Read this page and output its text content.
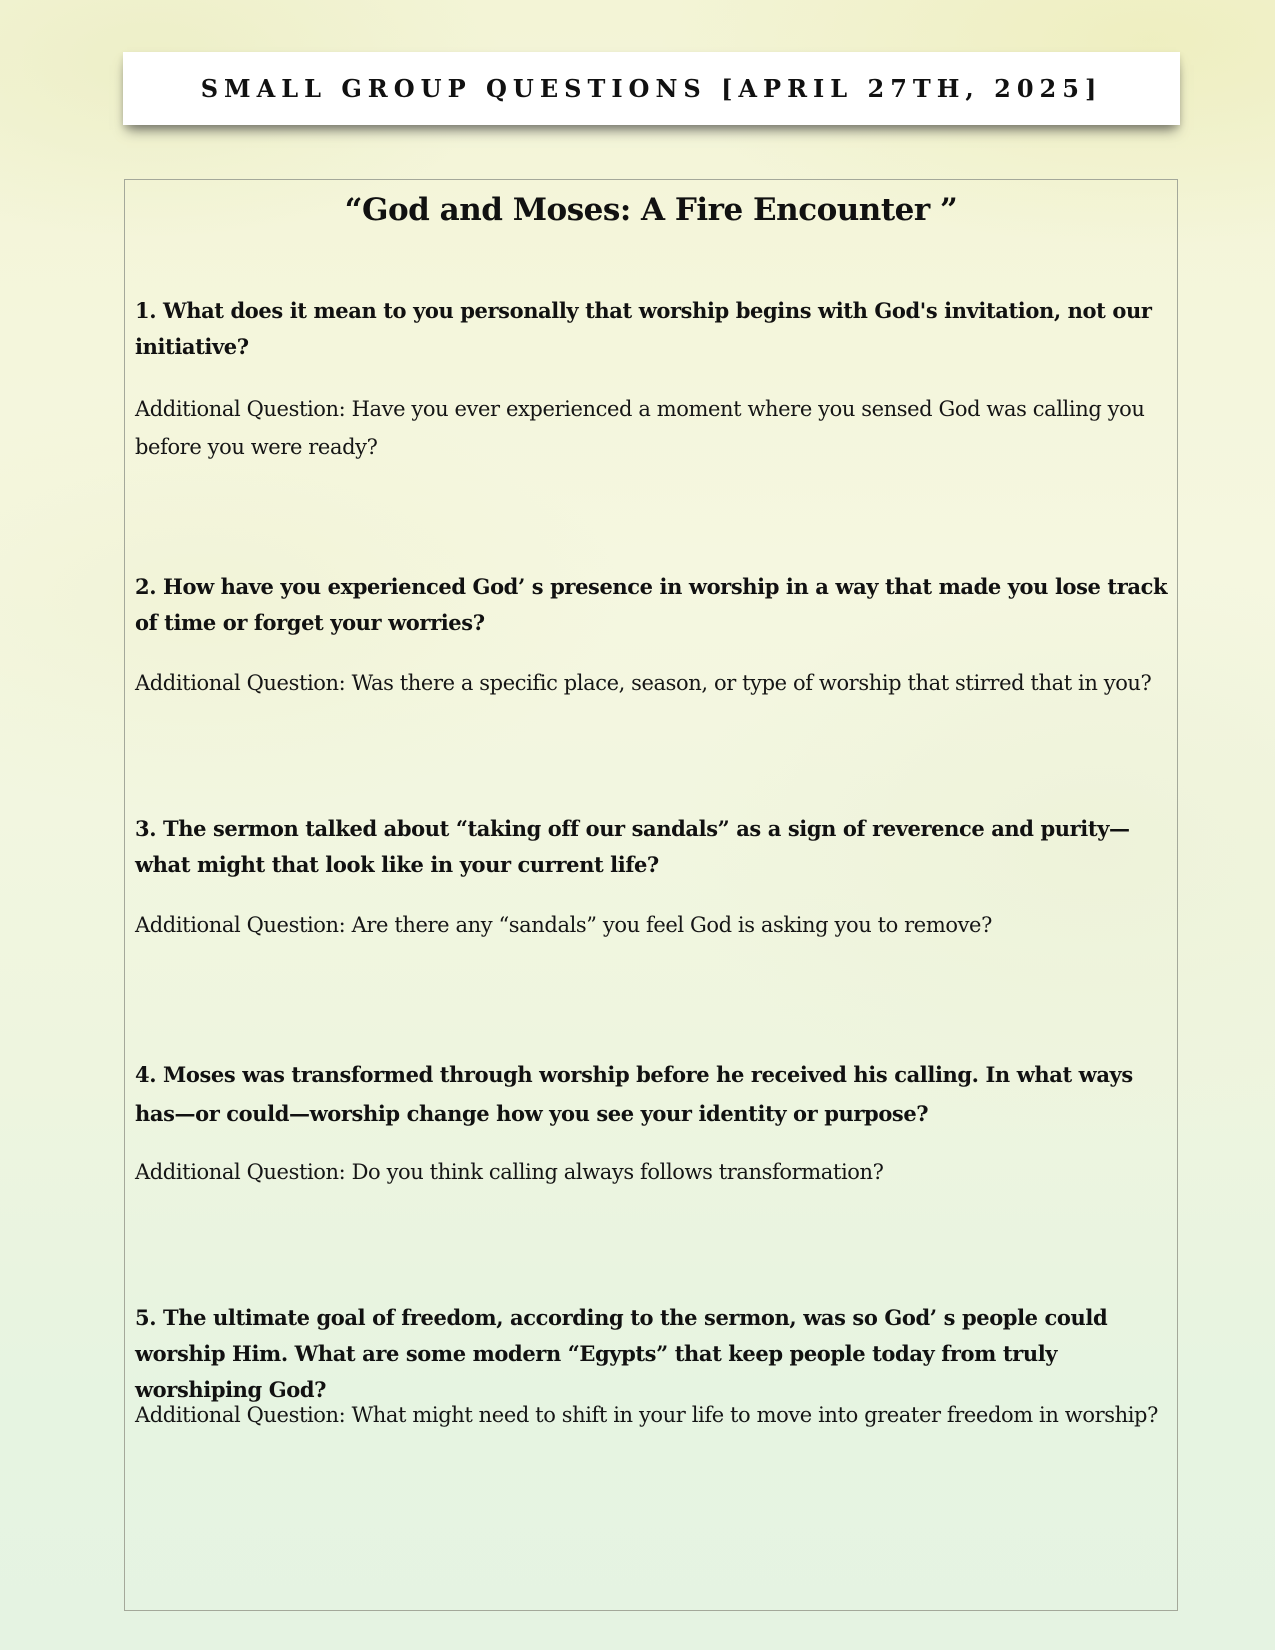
SMALL GROUP QUESTIONS [APRIL 27TH, 2025]
“God and Moses: A Fire Encounter ”

1. What does it mean to you personally that worship begins with God's invitation, not our initiative?

Additional Question: Have you ever experienced a moment where you sensed God was calling you before you were ready?

2. How have you experienced God’ s presence in worship in a way that made you lose track of time or forget your worries?

Additional Question: Was there a specific place, season, or type of worship that stirred that in you?

3. The sermon talked about “taking off our sandals” as a sign of reverence and purity—what might that look like in your current life?

Additional Question: Are there any “sandals” you feel God is asking you to remove?

4. Moses was transformed through worship before he received his calling. In what ways has—or could—worship change how you see your identity or purpose?

Additional Question: Do you think calling always follows transformation?

5. The ultimate goal of freedom, according to the sermon, was so God’ s people could worship Him. What are some modern “Egypts” that keep people today from truly worshiping God?

Additional Question: What might need to shift in your life to move into greater freedom in worship?
